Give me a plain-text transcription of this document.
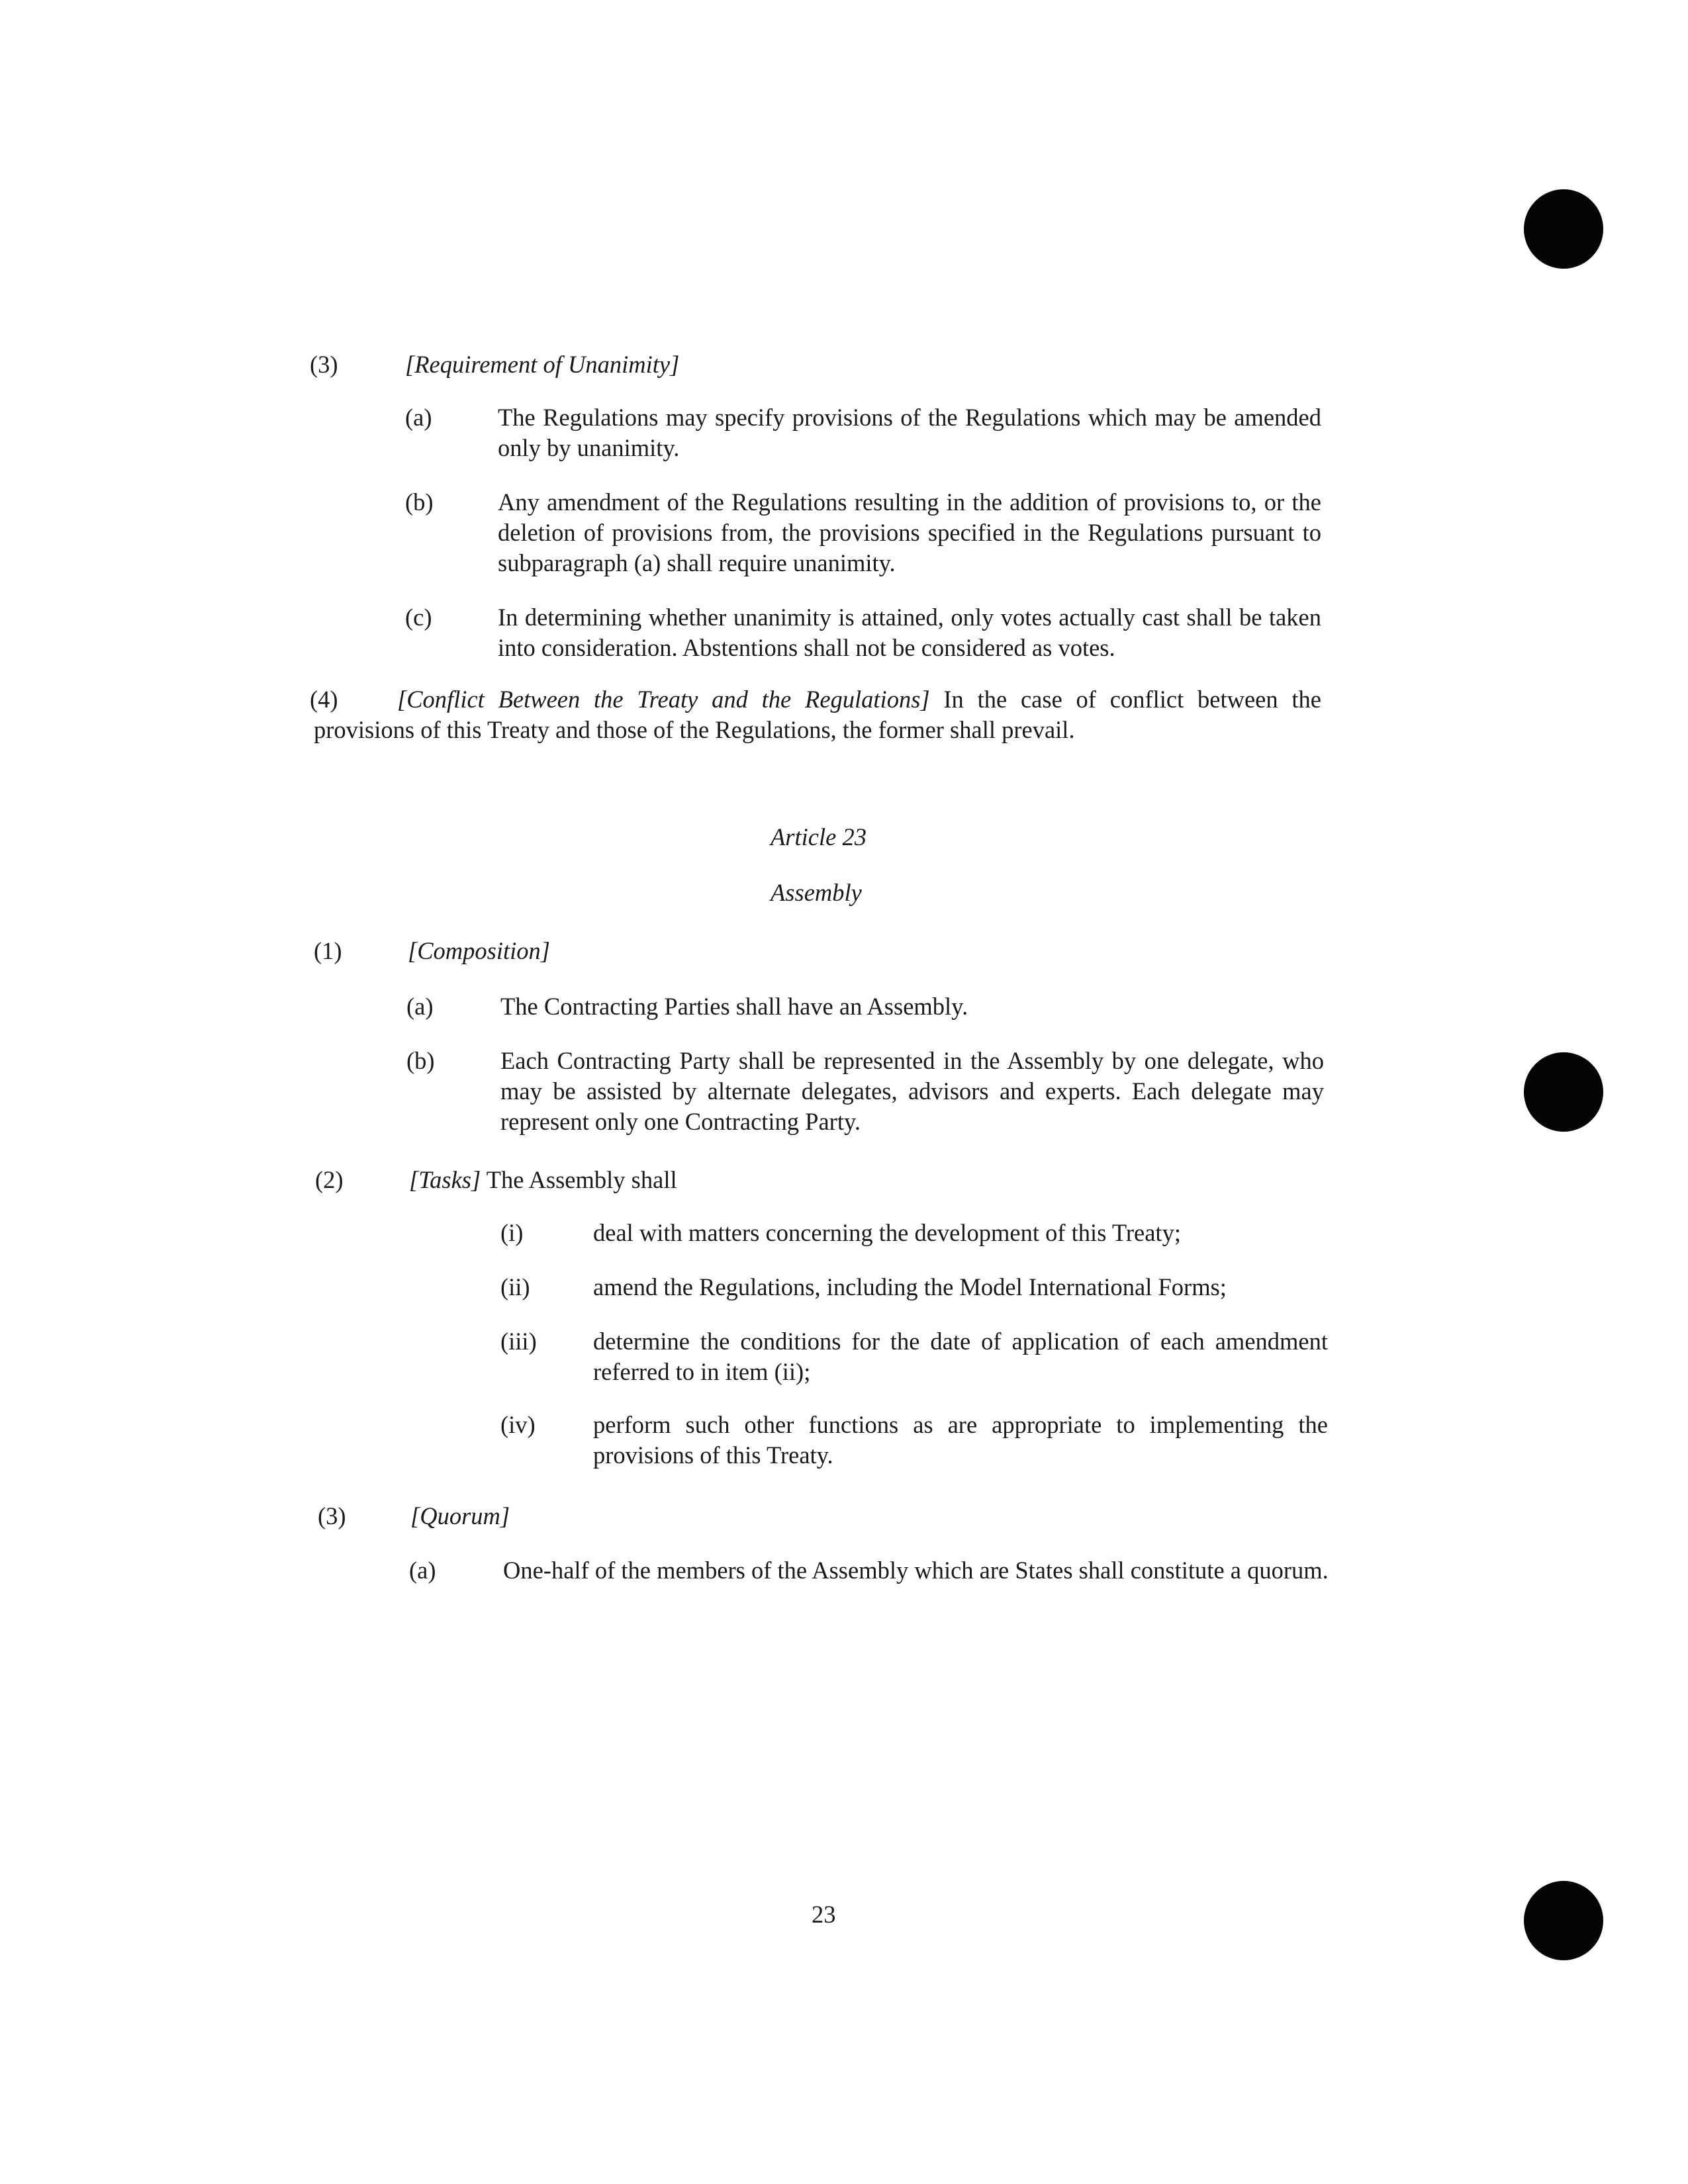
(3)	[Requirement of Unanimity]
(a)	The Regulations may specify provisions of the Regulations which may be amended only by unanimity.
(b)	Any amendment of the Regulations resulting in the addition of provisions to, or the deletion of provisions from, the provisions specified in the Regulations pursuant to subparagraph (a) shall require unanimity.
(c)	In determining whether unanimity is attained, only votes actually cast shall be taken into consideration. Abstentions shall not be considered as votes.
(4) [Conflict Between the Treaty and the Regulations] In the case of conflict between the provisions of this Treaty and those of the Regulations, the former shall prevail.
Article 23
Assembly
(1)	[Composition]
(a)	The Contracting Parties shall have an Assembly.
(b)	Each Contracting Party shall be represented in the Assembly by one delegate, who may be assisted by alternate delegates, advisors and experts. Each delegate may represent only one Contracting Party.
(2)	[Tasks] The Assembly shall
(i)	deal with matters concerning the development of this Treaty;
(ii)	amend the Regulations, including the Model International Forms;
(iii) determine the conditions for the date of application of each amendment referred to in item (ii);
(iv) perform such other functions as are appropriate to implementing the provisions of this Treaty.
(3)	[Quorum]
(a)	One-half of the members of the Assembly which are States shall constitute a quorum.
23
